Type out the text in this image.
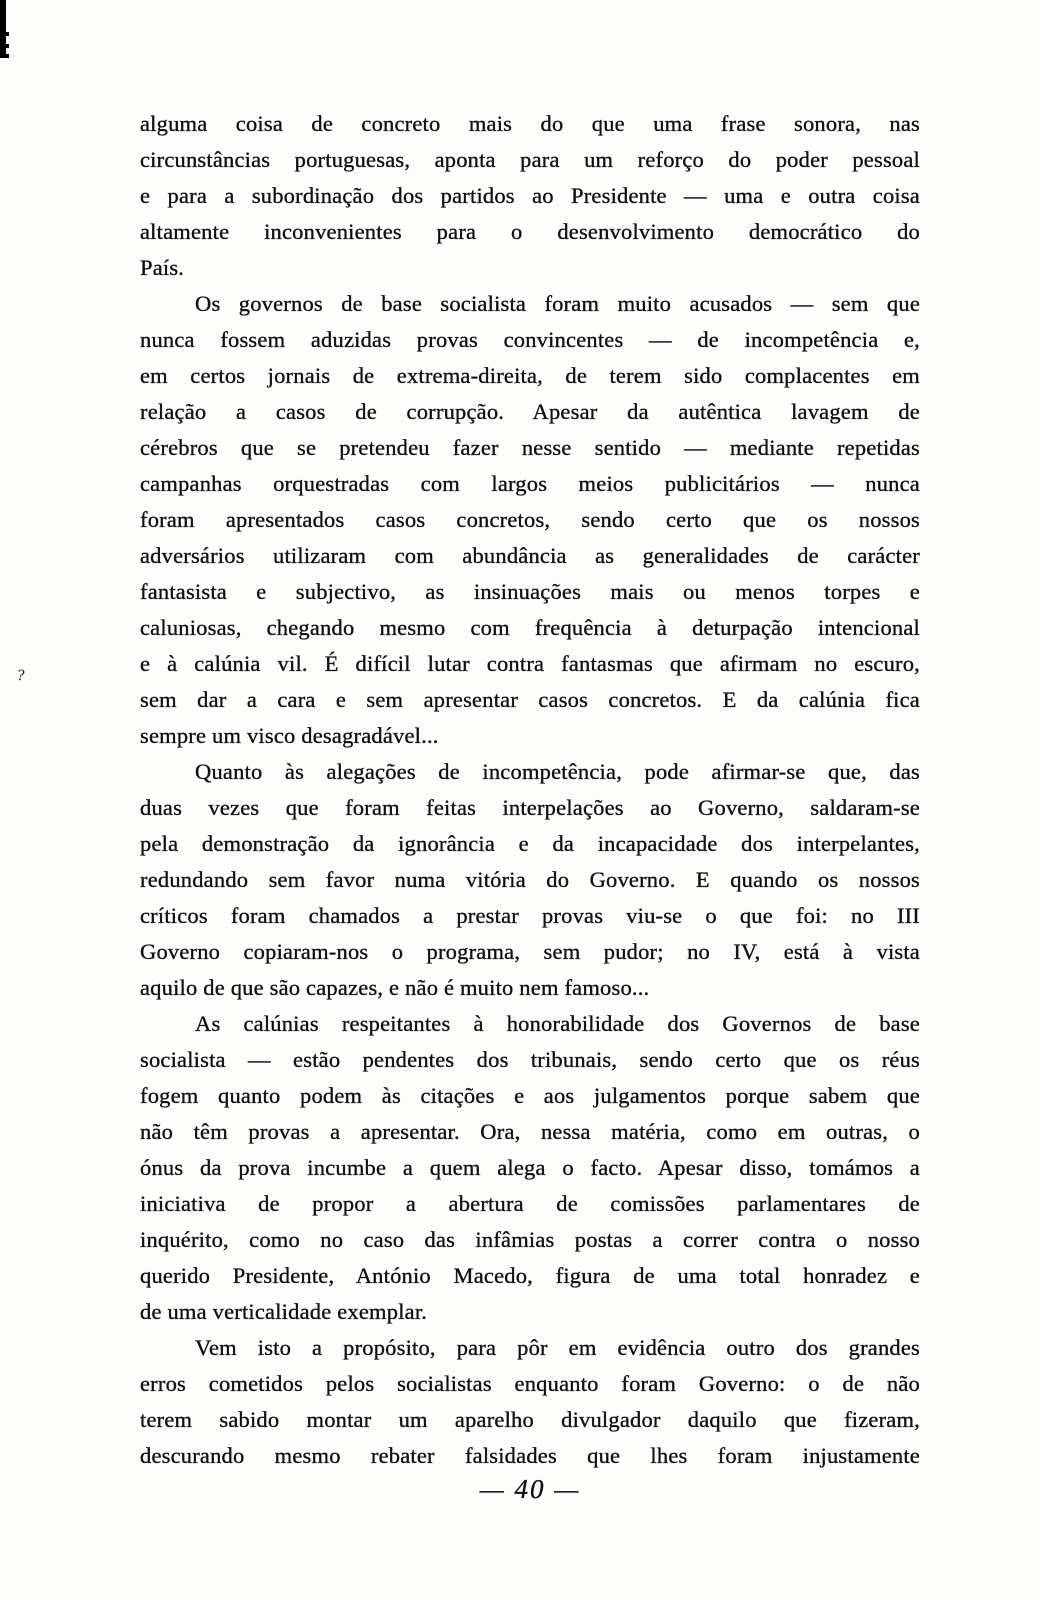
?
alguma coisa de concreto mais do que uma frase sonora, nas
circunstâncias portuguesas, aponta para um reforço do poder pessoal
e para a subordinação dos partidos ao Presidente — uma e outra coisa
altamente inconvenientes para o desenvolvimento democrático do
País.
Os governos de base socialista foram muito acusados — sem que
nunca fossem aduzidas provas convincentes — de incompetência e,
em certos jornais de extrema-direita, de terem sido complacentes em
relação a casos de corrupção. Apesar da autêntica lavagem de
cérebros que se pretendeu fazer nesse sentido — mediante repetidas
campanhas orquestradas com largos meios publicitários — nunca
foram apresentados casos concretos, sendo certo que os nossos
adversários utilizaram com abundância as generalidades de carácter
fantasista e subjectivo, as insinuações mais ou menos torpes e
caluniosas, chegando mesmo com frequência à deturpação intencional
e à calúnia vil. É difícil lutar contra fantasmas que afirmam no escuro,
sem dar a cara e sem apresentar casos concretos. E da calúnia fica
sempre um visco desagradável...
Quanto às alegações de incompetência, pode afirmar-se que, das
duas vezes que foram feitas interpelações ao Governo, saldaram-se
pela demonstração da ignorância e da incapacidade dos interpelantes,
redundando sem favor numa vitória do Governo. E quando os nossos
críticos foram chamados a prestar provas viu-se o que foi: no III
Governo copiaram-nos o programa, sem pudor; no IV, está à vista
aquilo de que são capazes, e não é muito nem famoso...
As calúnias respeitantes à honorabilidade dos Governos de base
socialista — estão pendentes dos tribunais, sendo certo que os réus
fogem quanto podem às citações e aos julgamentos porque sabem que
não têm provas a apresentar. Ora, nessa matéria, como em outras, o
ónus da prova incumbe a quem alega o facto. Apesar disso, tomámos a
iniciativa de propor a abertura de comissões parlamentares de
inquérito, como no caso das infâmias postas a correr contra o nosso
querido Presidente, António Macedo, figura de uma total honradez e
de uma verticalidade exemplar.
Vem isto a propósito, para pôr em evidência outro dos grandes
erros cometidos pelos socialistas enquanto foram Governo: o de não
terem sabido montar um aparelho divulgador daquilo que fizeram,
descurando mesmo rebater falsidades que lhes foram injustamente
— 40 —
